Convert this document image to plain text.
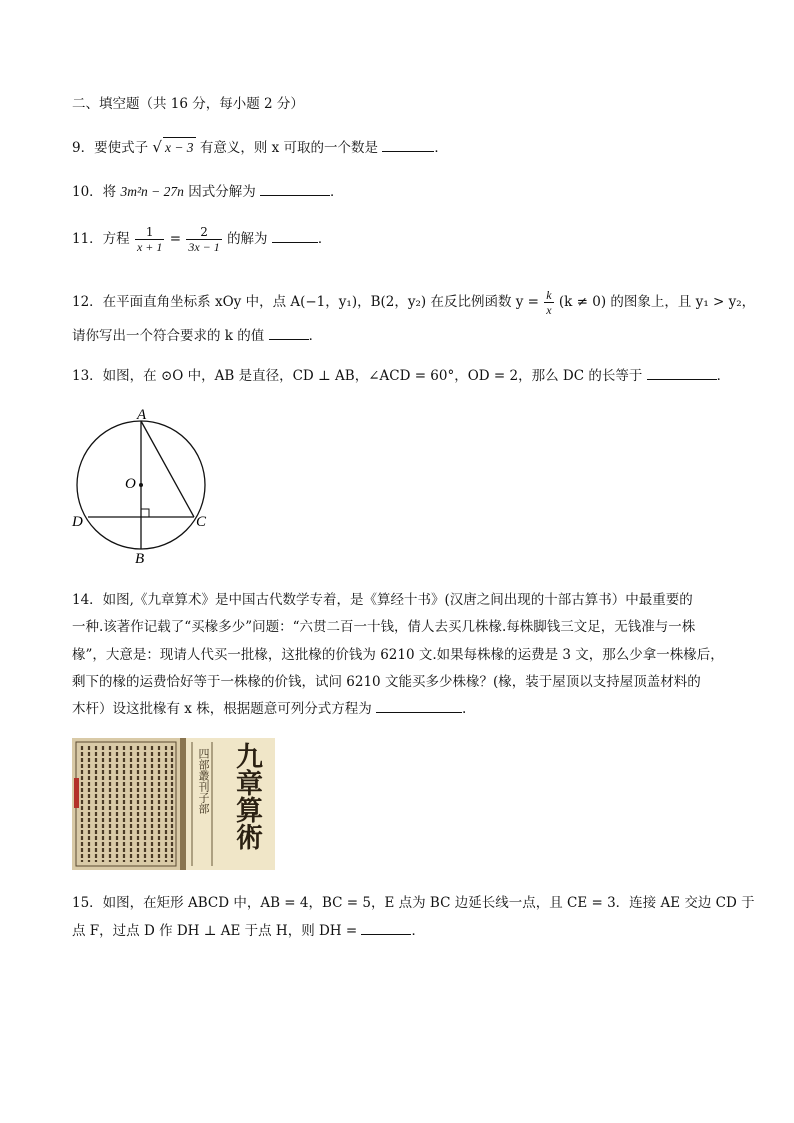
二、填空题（共 16 分，每小题 2 分）
9．要使式子 √ x − 3 有意义，则 x 可取的一个数是	．
10．将 3m²n − 27n 因式分解为	．
11．方程 $\frac{1}{x + 1} = \frac{2}{3x - 1}$ 的解为	．
12．在平面直角坐标系 xOy 中，点 A(−1，y₁)，B(2，y₂) 在反比例函数 $y = \frac{k}{x} (k \ne 0)$ 的图象上，且 y₁ > y₂，
请你写出一个符合要求的 k 的值	．
13．如图，在 ⊙O 中，AB 是直径，CD ⊥ AB，∠ACD = 60°，OD = 2，那么 DC 的长等于	．
A
O
D	C
B
14．如图,《九章算术》是中国古代数学专着，是《算经十书》(汉唐之间出现的十部古算书）中最重要的
一种.该著作记载了“买椽多少”问题：“六贯二百一十钱，倩人去买几株椽.每株脚钱三文足，无钱准与一株
椽”，大意是：现请人代买一批椽，这批椽的价钱为 6210 文.如果每株椽的运费是 3 文，那么少拿一株椽后，
剩下的椽的运费恰好等于一株椽的价钱，试问 6210 文能买多少株椽？(椽，装于屋顶以支持屋顶盖材料的
木杆）设这批椽有 x 株，根据题意可列分式方程为	.
四部叢刊子部 九章算術
15．如图，在矩形 ABCD 中，AB = 4，BC = 5，E 点为 BC 边延长线一点，且 CE = 3．连接 AE 交边 CD 于
点 F，过点 D 作 DH ⊥ AE 于点 H，则 DH =	．
